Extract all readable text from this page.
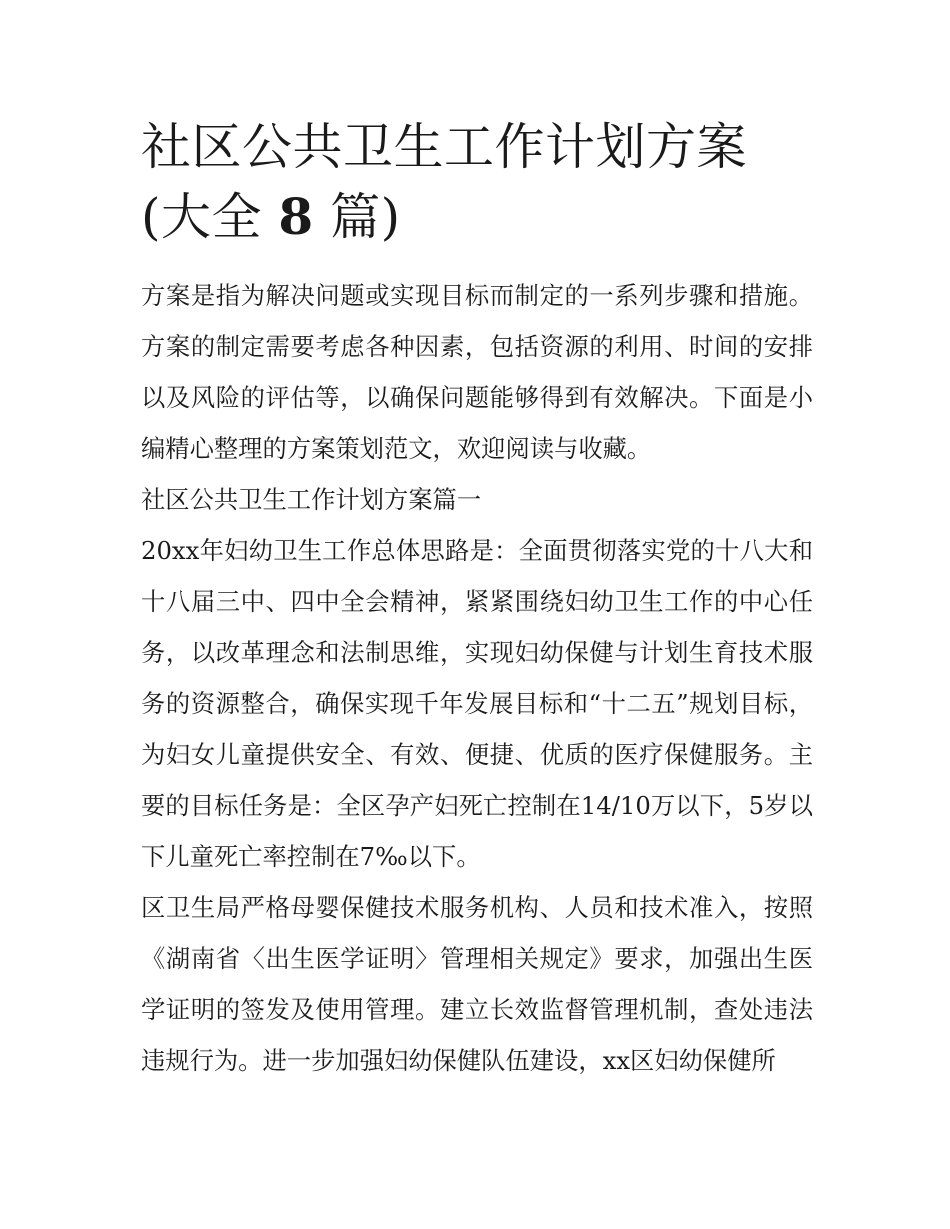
社区公共卫生工作计划方案(大全 8 篇)

方案是指为解决问题或实现目标而制定的一系列步骤和措施。方案的制定需要考虑各种因素，包括资源的利用、时间的安排以及风险的评估等，以确保问题能够得到有效解决。下面是小编精心整理的方案策划范文，欢迎阅读与收藏。

社区公共卫生工作计划方案篇一

20xx年妇幼卫生工作总体思路是：全面贯彻落实党的十八大和十八届三中、四中全会精神，紧紧围绕妇幼卫生工作的中心任务，以改革理念和法制思维，实现妇幼保健与计划生育技术服务的资源整合，确保实现千年发展目标和“十二五”规划目标，为妇女儿童提供安全、有效、便捷、优质的医疗保健服务。主要的目标任务是：全区孕产妇死亡控制在14/10万以下，5岁以下儿童死亡率控制在7‰以下。

区卫生局严格母婴保健技术服务机构、人员和技术准入，按照《湖南省〈出生医学证明〉管理相关规定》要求，加强出生医学证明的签发及使用管理。建立长效监督管理机制，查处违法违规行为。进一步加强妇幼保健队伍建设，xx区妇幼保健所
